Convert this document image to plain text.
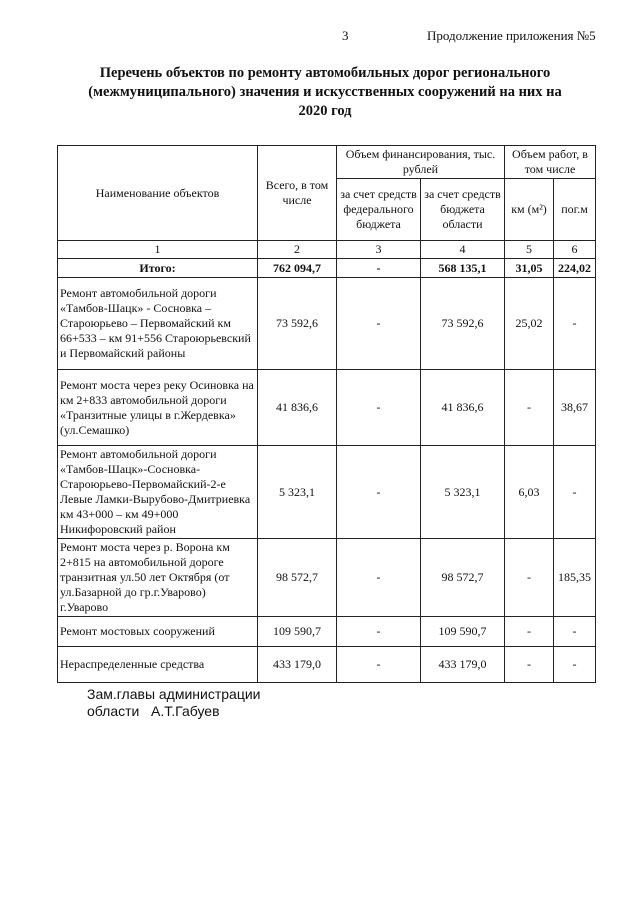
3	Продолжение приложения №5
Перечень объектов по ремонту автомобильных дорог регионального
(межмуниципального) значения и искусственных сооружений на них на
2020 год
Наименование объектов	Всего, в том числе	Объем финансирования, тыс. рублей		Объем работ, в том числе	
		за счет средств федерального бюджета	за счет средств бюджета области	км (м²)	пог.м
1	2	3	4	5	6
Итого:	762 094,7	-	568 135,1	31,05	224,02
Ремонт автомобильной дороги «Тамбов-Шацк» - Сосновка – Староюрьево – Первомайский км 66+533 – км 91+556 Староюрьевский и Первомайский районы	73 592,6	-	73 592,6	25,02	-
Ремонт моста через реку Осиновка на км 2+833 автомобильной дороги «Транзитные улицы в г.Жердевка» (ул.Семашко)	41 836,6	-	41 836,6	-	38,67
Ремонт автомобильной дороги «Тамбов-Шацк»-Сосновка-Староюрьево-Первомайский-2-е Левые Ламки-Вырубово-Дмитриевка км 43+000 – км 49+000 Никифоровский район	5 323,1	-	5 323,1	6,03	-
Ремонт моста через р. Ворона км 2+815 на автомобильной дороге транзитная ул.50 лет Октября (от ул.Базарной до гр.г.Уварово) г.Уварово	98 572,7	-	98 572,7	-	185,35
Ремонт мостовых сооружений	109 590,7	-	109 590,7	-	-
Нераспределенные средства	433 179,0	-	433 179,0	-	-
Зам.главы администрации
области   А.Т.Габуев
